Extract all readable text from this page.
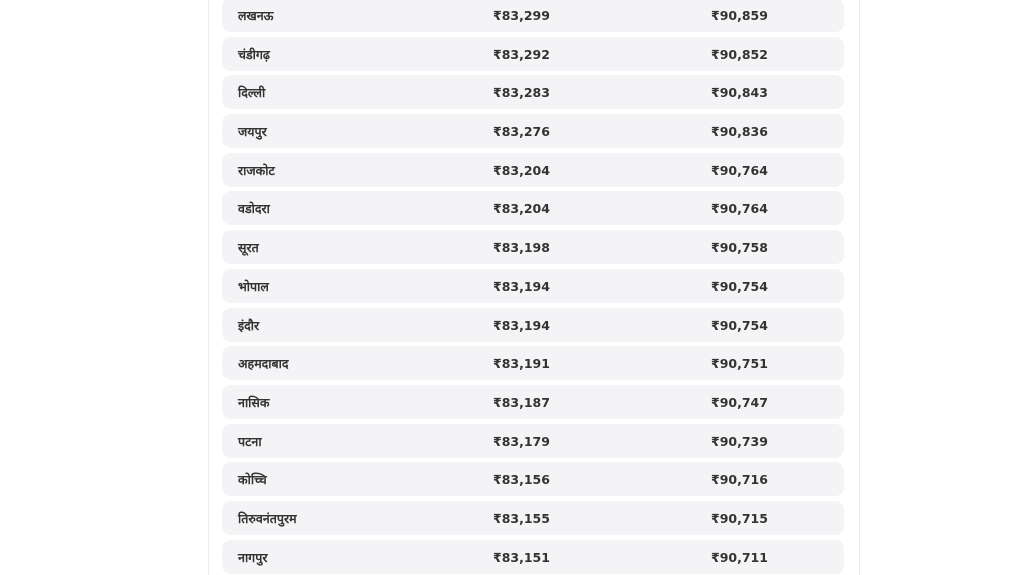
लखनऊ	₹83,299	₹90,859
चंडीगढ़	₹83,292	₹90,852
दिल्ली	₹83,283	₹90,843
जयपुर	₹83,276	₹90,836
राजकोट	₹83,204	₹90,764
वडोदरा	₹83,204	₹90,764
सूरत	₹83,198	₹90,758
भोपाल	₹83,194	₹90,754
इंदौर	₹83,194	₹90,754
अहमदाबाद	₹83,191	₹90,751
नासिक	₹83,187	₹90,747
पटना	₹83,179	₹90,739
कोच्चि	₹83,156	₹90,716
तिरुवनंतपुरम	₹83,155	₹90,715
नागपुर	₹83,151	₹90,711
